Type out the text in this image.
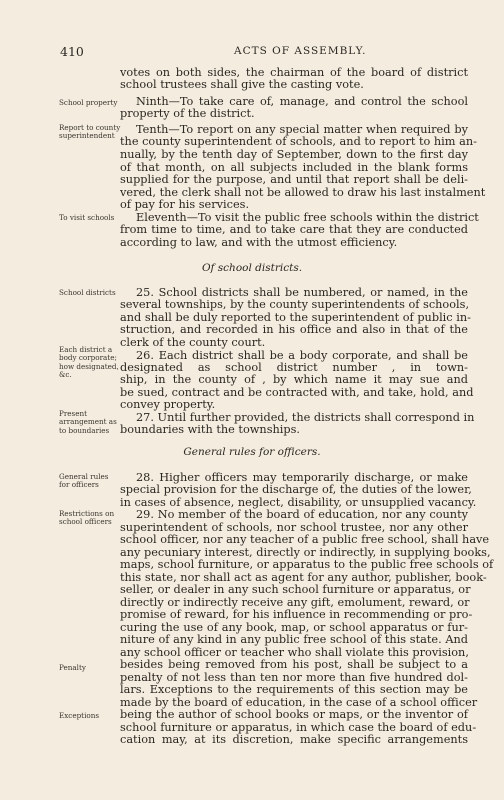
410	ACTS OF ASSEMBLY.
School property
Report to county superintendent
To visit schools
School districts
Each district a body corporate; how designated, &c.
Present arrangement as to boundaries
General rules for officers
Restrictions on school officers
Penalty
Exceptions
Of school districts.
General rules for officers.
votes on both sides, the chairman of the board of district
school trustees shall give the casting vote.
Ninth—To take care of, manage, and control the school
property of the district.
Tenth—To report on any special matter when required by
the county superintendent of schools, and to report to him an-
nually, by the tenth day of September, down to the first day
of that month, on all subjects included in the blank forms
supplied for the purpose, and until that report shall be deli-
vered, the clerk shall not be allowed to draw his last instalment
of pay for his services.
Eleventh—To visit the public free schools within the district
from time to time, and to take care that they are conducted
according to law, and with the utmost efficiency.
25. School districts shall be numbered, or named, in the
several townships, by the county superintendents of schools,
and shall be duly reported to the superintendent of public in-
struction, and recorded in his office and also in that of the
clerk of the county court.
26. Each district shall be a body corporate, and shall be
designated as school district number , in town-
ship, in the county of , by which name it may sue and
be sued, contract and be contracted with, and take, hold, and
convey property.
27. Until further provided, the districts shall correspond in
boundaries with the townships.
28. Higher officers may temporarily discharge, or make
special provision for the discharge of, the duties of the lower,
in cases of absence, neglect, disability, or unsupplied vacancy.
29. No member of the board of education, nor any county
superintendent of schools, nor school trustee, nor any other
school officer, nor any teacher of a public free school, shall have
any pecuniary interest, directly or indirectly, in supplying books,
maps, school furniture, or apparatus to the public free schools of
this state, nor shall act as agent for any author, publisher, book-
seller, or dealer in any such school furniture or apparatus, or
directly or indirectly receive any gift, emolument, reward, or
promise of reward, for his influence in recommending or pro-
curing the use of any book, map, or school apparatus or fur-
niture of any kind in any public free school of this state. And
any school officer or teacher who shall violate this provision,
besides being removed from his post, shall be subject to a
penalty of not less than ten nor more than five hundred dol-
lars. Exceptions to the requirements of this section may be
made by the board of education, in the case of a school officer
being the author of school books or maps, or the inventor of
school furniture or apparatus, in which case the board of edu-
cation may, at its discretion, make specific arrangements
